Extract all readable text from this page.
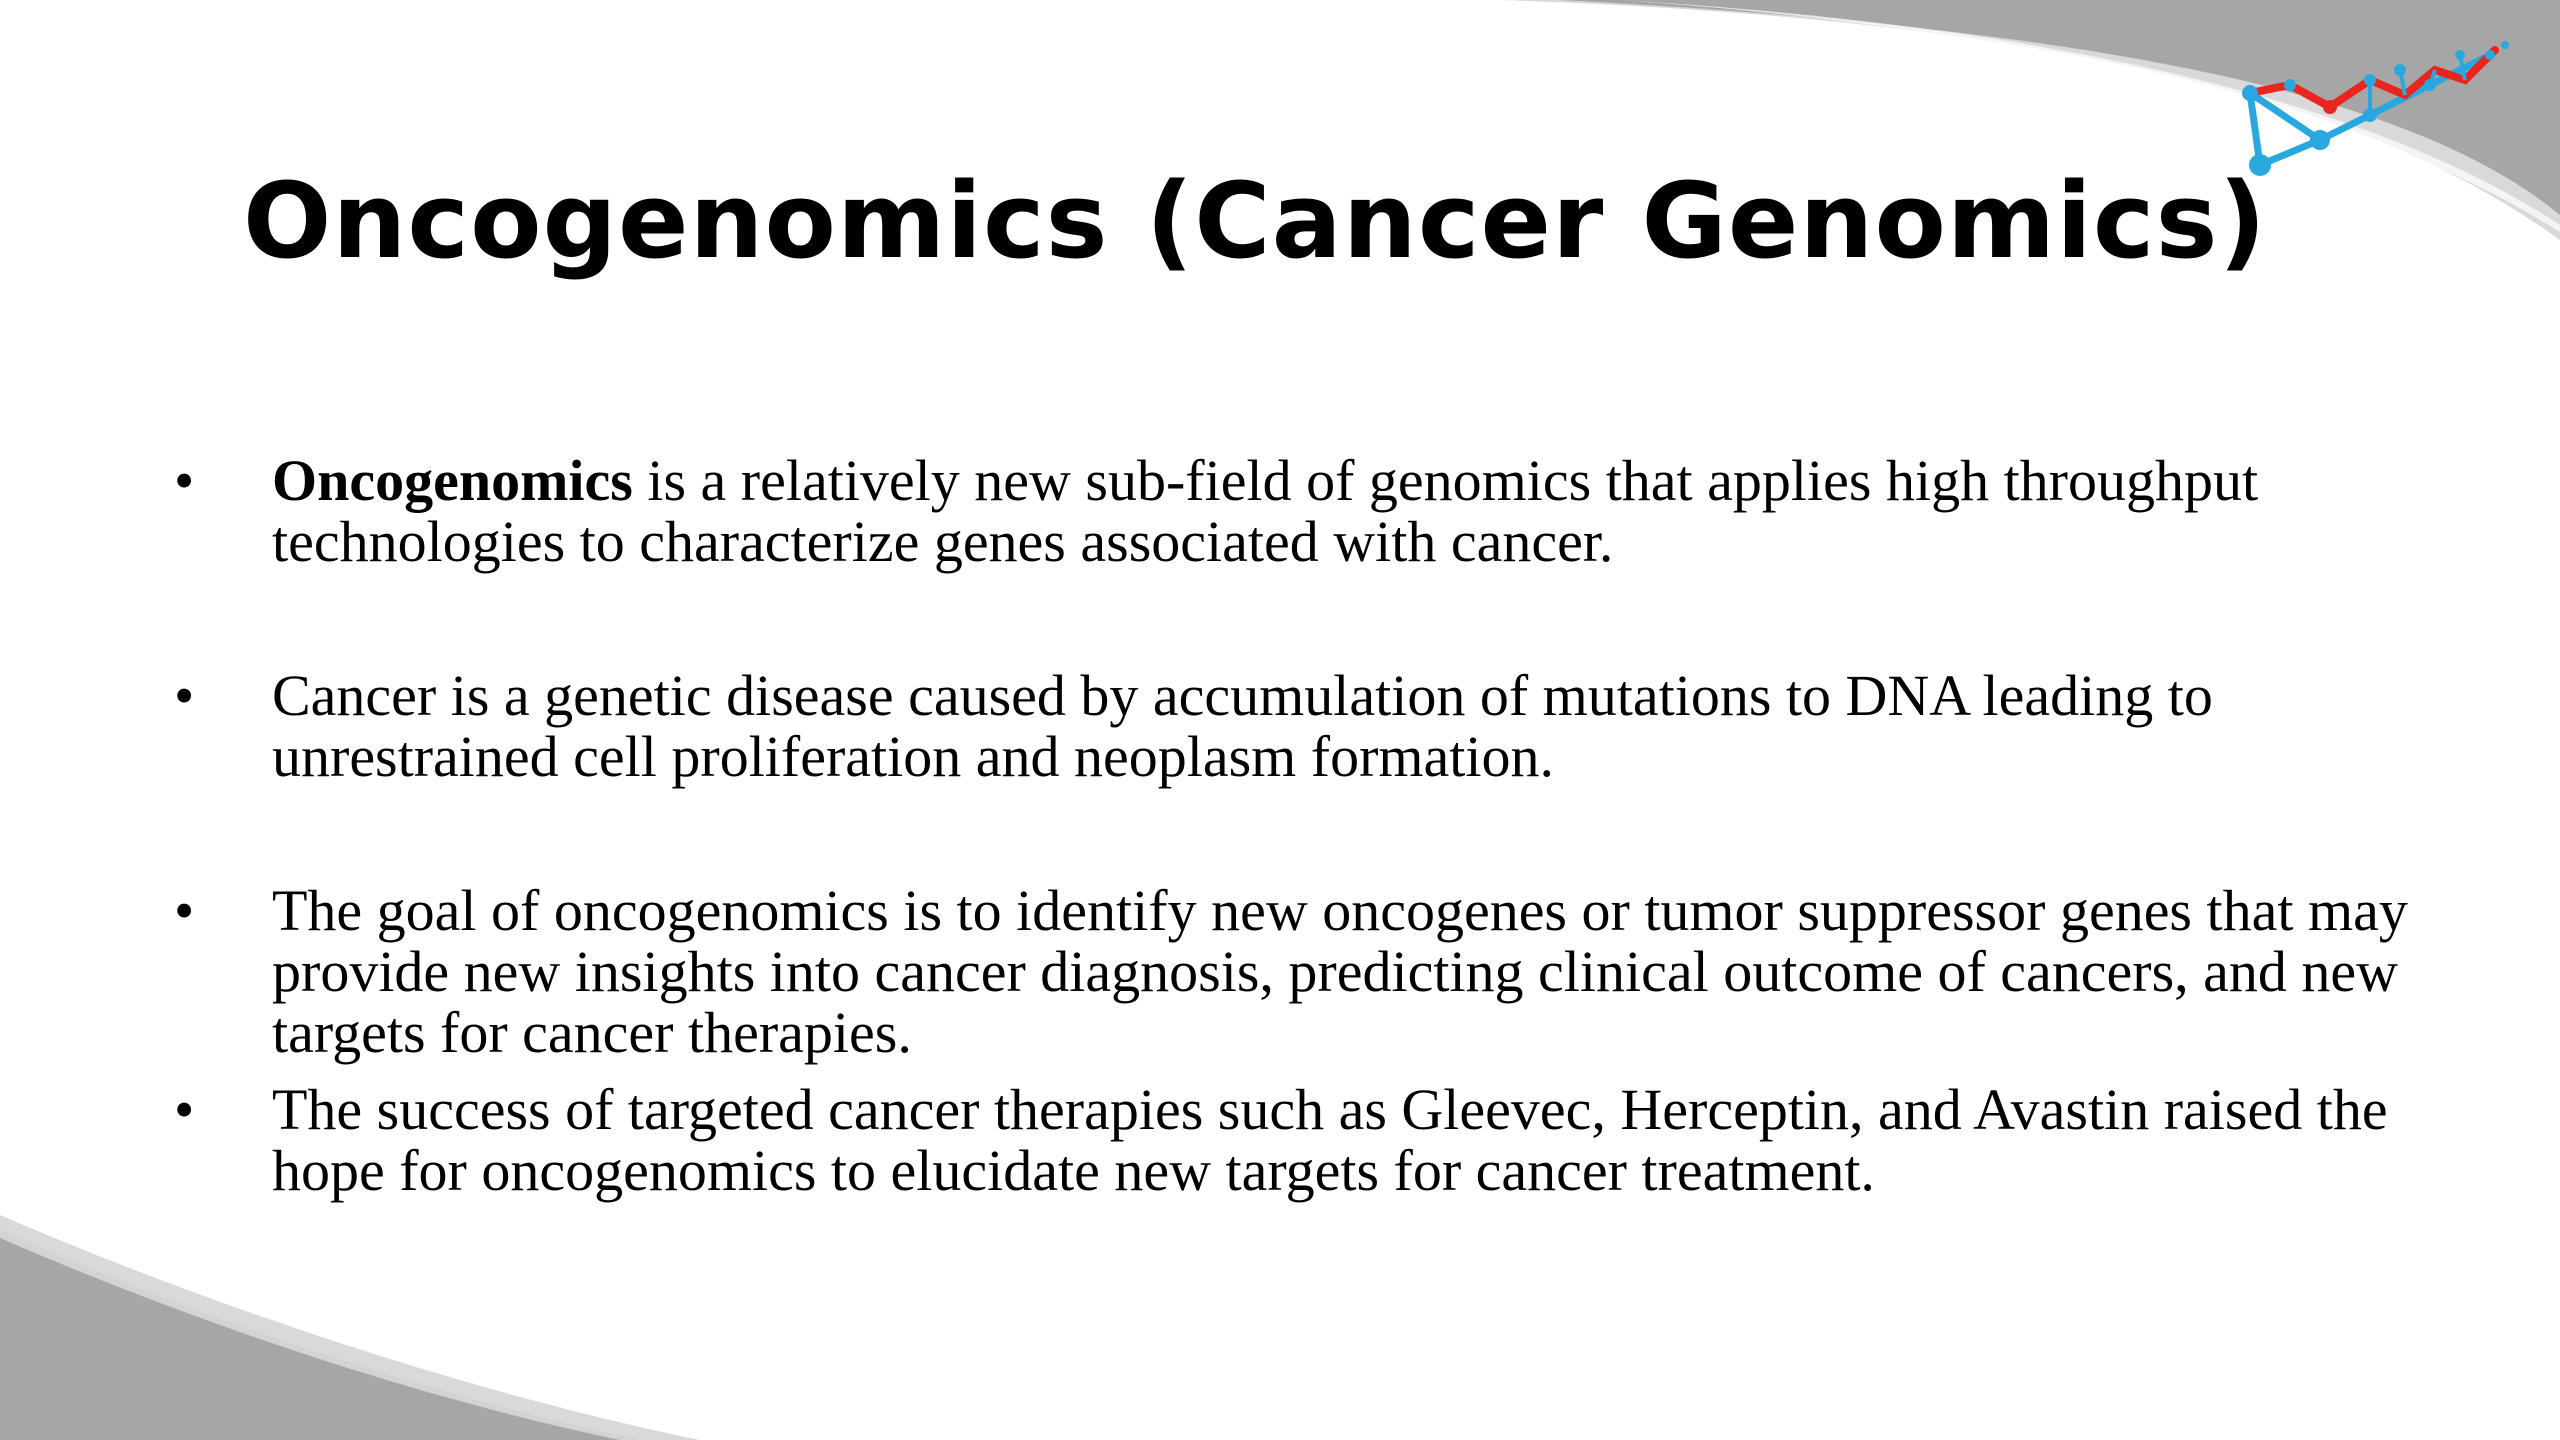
Oncogenomics (Cancer Genomics)
• Oncogenomics is a relatively new sub-field of genomics that applies high throughput technologies to characterize genes associated with cancer.
• Cancer is a genetic disease caused by accumulation of mutations to DNA leading to unrestrained cell proliferation and neoplasm formation.
• The goal of oncogenomics is to identify new oncogenes or tumor suppressor genes that may provide new insights into cancer diagnosis, predicting clinical outcome of cancers, and new targets for cancer therapies.
• The success of targeted cancer therapies such as Gleevec, Herceptin, and Avastin raised the hope for oncogenomics to elucidate new targets for cancer treatment.
